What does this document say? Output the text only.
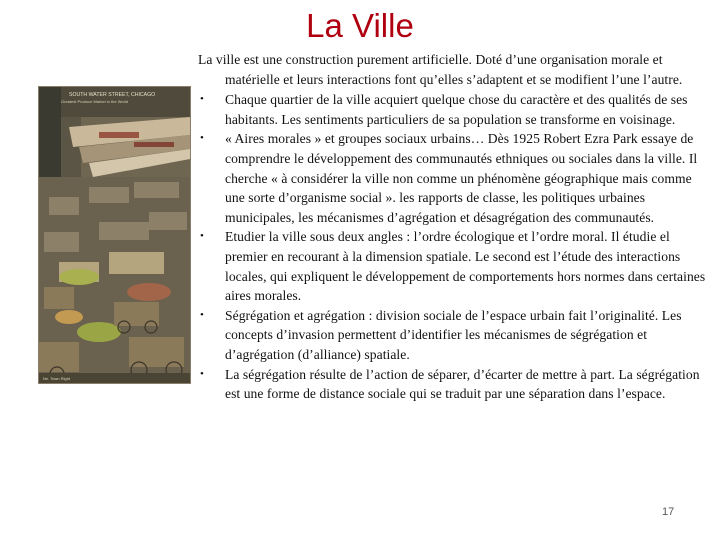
La Ville
SOUTH WATER STREET, CHICAGO
Greatest Produce Market in the World
Ne. Town Right

La ville est une construction purement artificielle. Doté d’une organisation morale et matérielle et leurs interactions font qu’elles s’adaptent et se modifient l’une l’autre.

• Chaque quartier de la ville acquiert quelque chose du caractère et des qualités de ses habitants. Les sentiments particuliers de sa population se transforme en voisinage.

• « Aires morales » et groupes sociaux urbains… Dès 1925 Robert Ezra Park essaye de comprendre le développement des communautés ethniques ou sociales dans la ville. Il cherche « à considérer la ville non comme un phénomène géographique mais comme une sorte d’organisme social ». les rapports de classe, les politiques urbaines municipales, les mécanismes d’agrégation et désagrégation des communautés.

• Etudier la ville sous deux angles : l’ordre écologique et l’ordre moral. Il étudie el premier en recourant à la dimension spatiale. Le second est l’étude des interactions locales, qui expliquent le développement de comportements hors normes dans certaines aires morales.

• Ségrégation et agrégation : division sociale de l’espace urbain fait l’originalité. Les concepts d’invasion permettent d’identifier les mécanismes de ségrégation et d’agrégation (d’alliance) spatiale.

• La ségrégation résulte de l’action de séparer, d’écarter de mettre à part. La ségrégation est une forme de distance sociale qui se traduit par une séparation dans l’espace.

17
